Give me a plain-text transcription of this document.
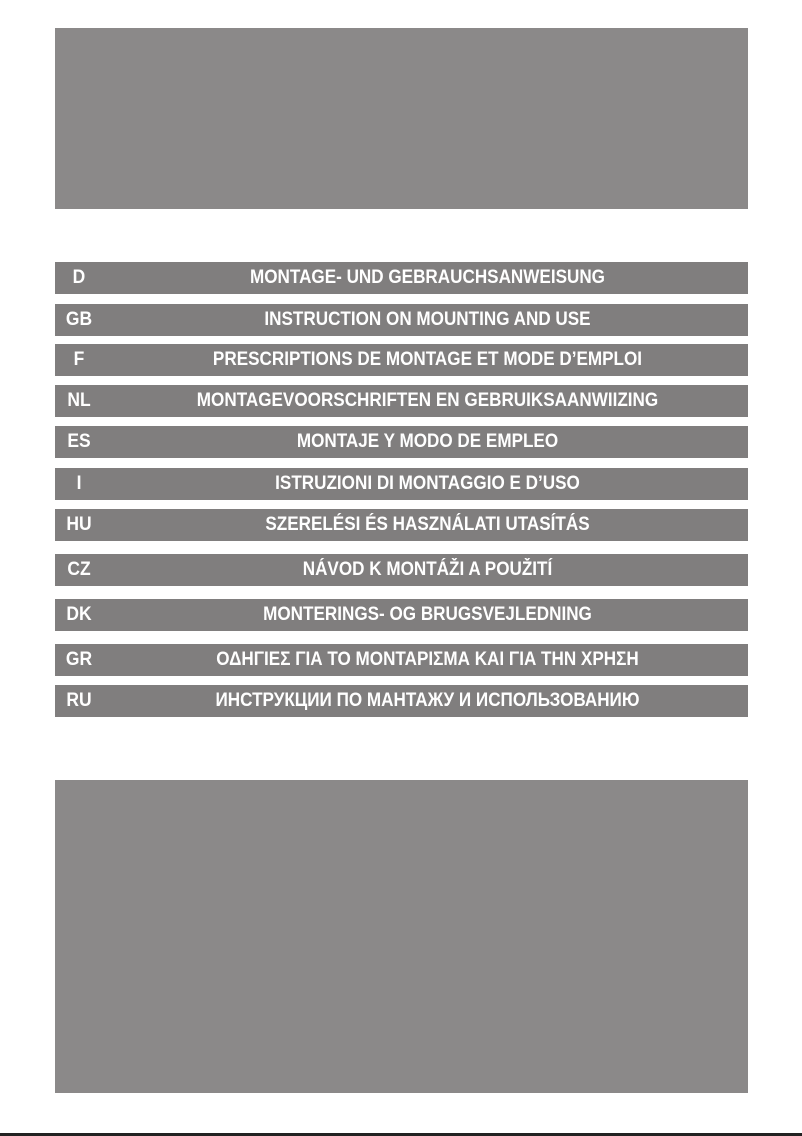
D	MONTAGE- UND GEBRAUCHSANWEISUNG
GB	INSTRUCTION ON MOUNTING AND USE
F	PRESCRIPTIONS DE MONTAGE ET MODE D’EMPLOI
NL	MONTAGEVOORSCHRIFTEN EN GEBRUIKSAANWIIZING
ES	MONTAJE Y MODO DE EMPLEO
I	ISTRUZIONI DI MONTAGGIO E D’USO
HU	SZERELÉSI ÉS HASZNÁLATI UTASÍTÁS
CZ	NÁVOD K MONTÁŽI A POUŽITÍ
DK	MONTERINGS- OG BRUGSVEJLEDNING
GR	ΟΔΗΓΙΕΣ ΓΙΑ ΤΟ ΜΟΝΤΑΡΙΣΜΑ ΚΑΙ ΓΙΑ ΤΗΝ ΧΡΗΣΗ
RU	ИНСТРУКЦИИ ПО МАНТАЖУ И ИСПОЛЬЗОВАНИЮ
